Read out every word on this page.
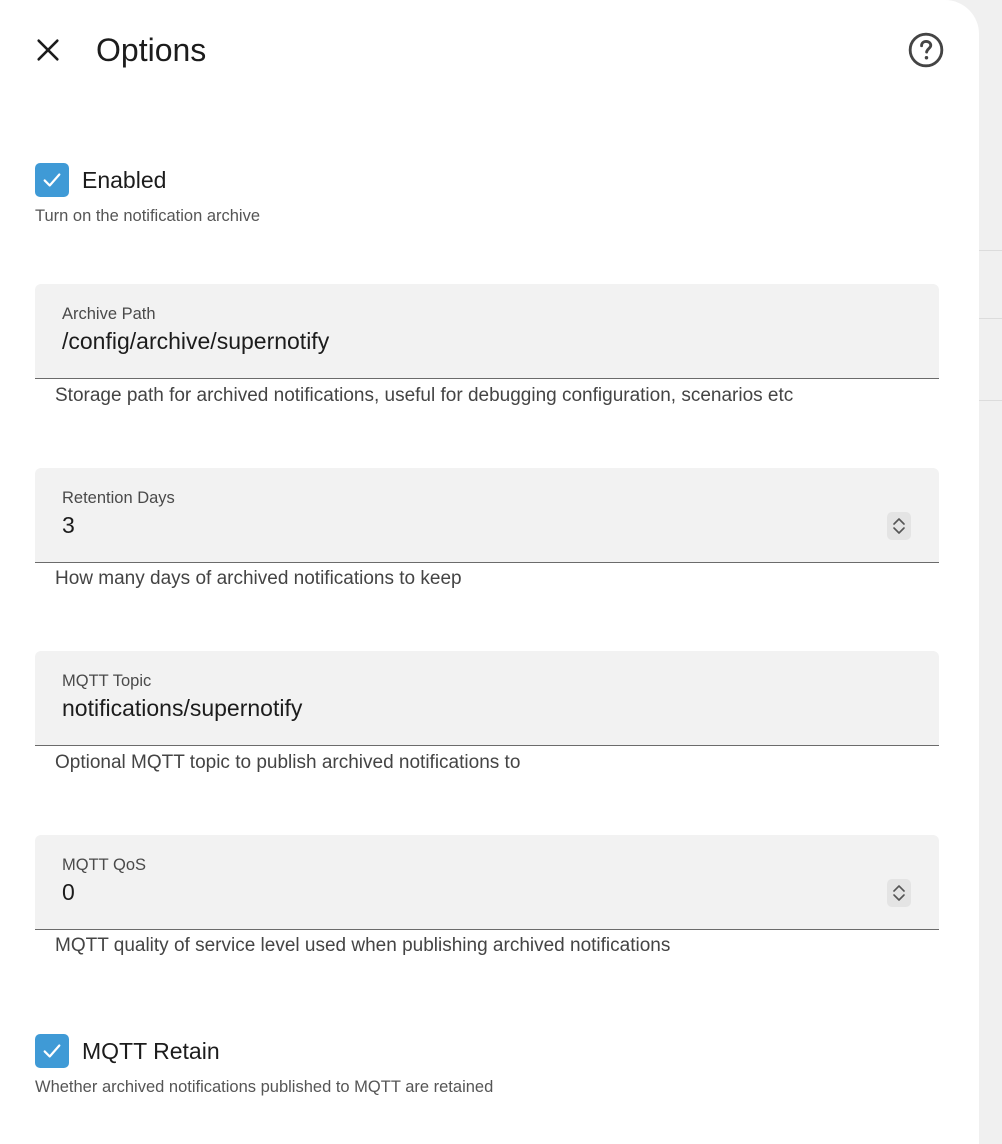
Options
Enabled
Turn on the notification archive
Archive Path
/config/archive/supernotify
Storage path for archived notifications, useful for debugging configuration, scenarios etc
Retention Days
3
How many days of archived notifications to keep
MQTT Topic
notifications/supernotify
Optional MQTT topic to publish archived notifications to
MQTT QoS
0
MQTT quality of service level used when publishing archived notifications
MQTT Retain
Whether archived notifications published to MQTT are retained
